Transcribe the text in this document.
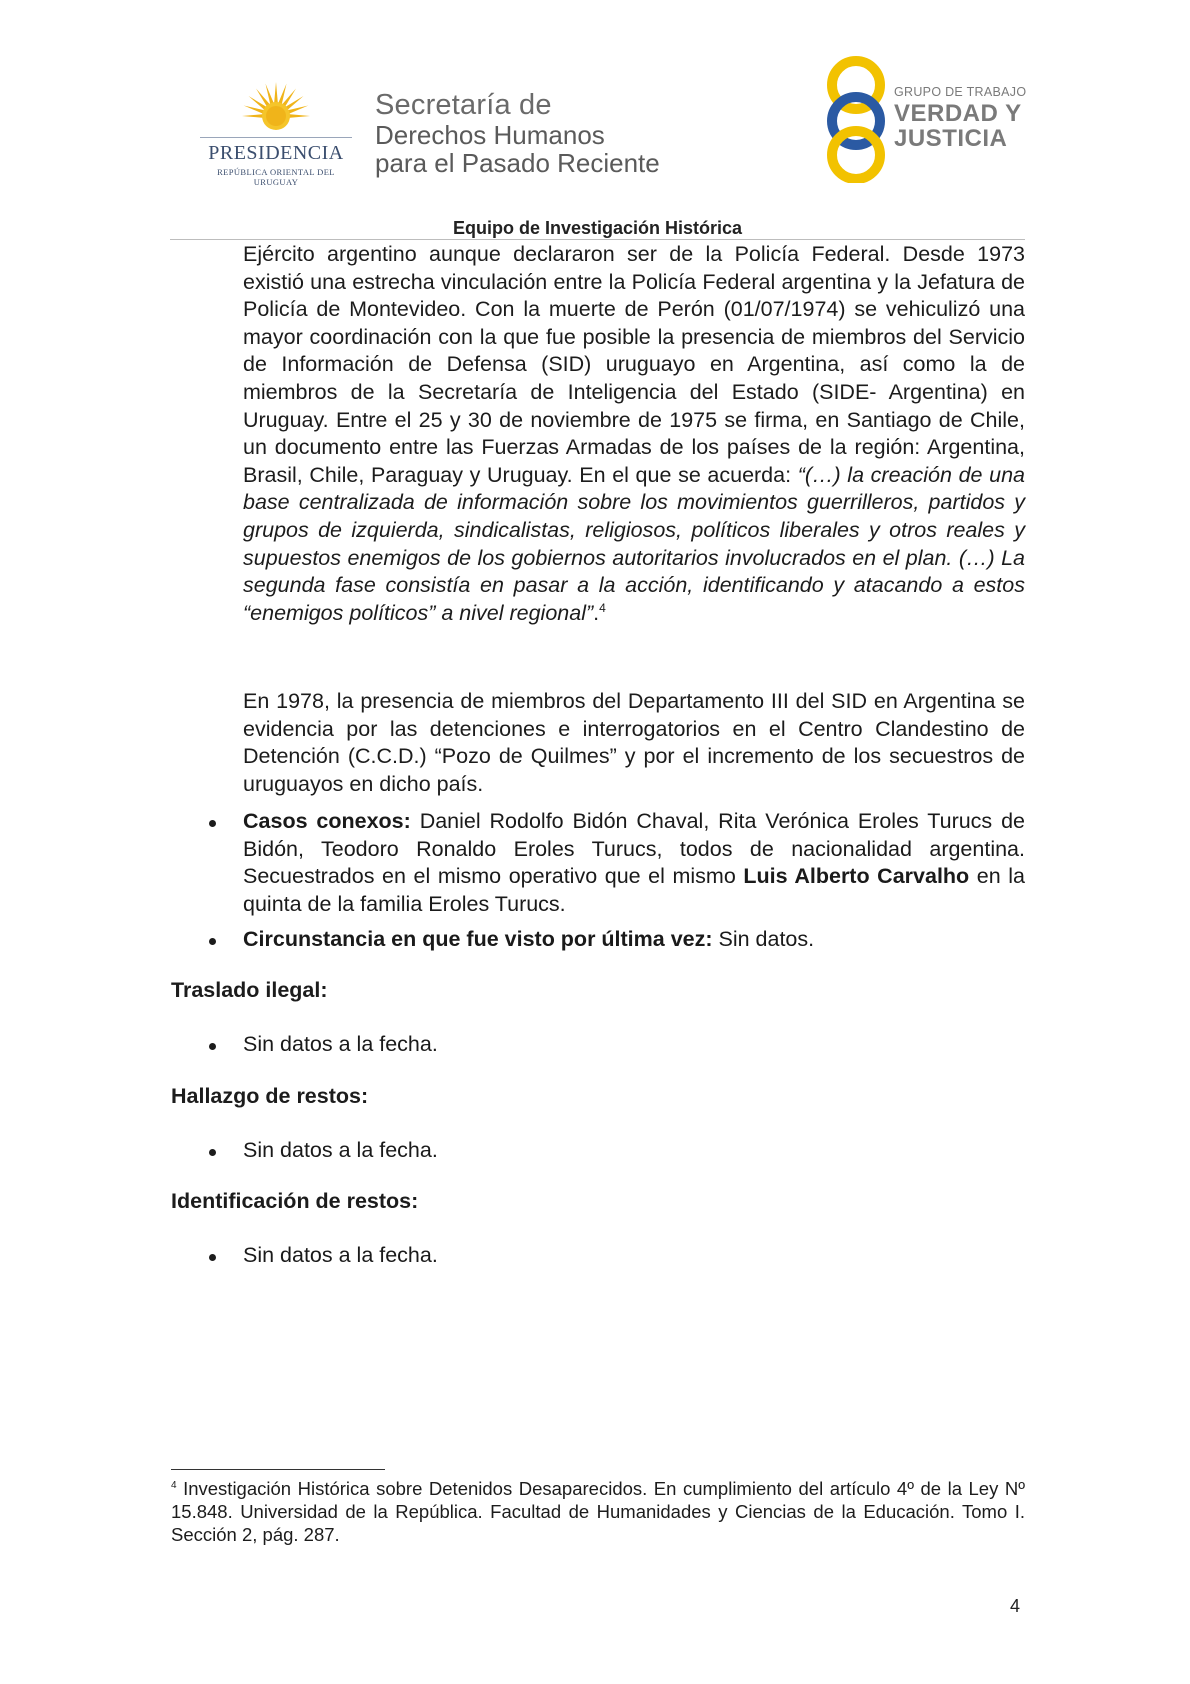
PRESIDENCIA
REPÚBLICA ORIENTAL DEL URUGUAY
Secretaría de
Derechos Humanos
para el Pasado Reciente
GRUPO DE TRABAJO
VERDAD Y
JUSTICIA
Equipo de Investigación Histórica
Ejército argentino aunque declararon ser de la Policía Federal. Desde 1973 existió una estrecha vinculación entre la Policía Federal argentina y la Jefatura de Policía de Montevideo. Con la muerte de Perón (01/07/1974) se vehiculizó una mayor coordinación con la que fue posible la presencia de miembros del Servicio de Información de Defensa (SID) uruguayo en Argentina, así como la de miembros de la Secretaría de Inteligencia del Estado (SIDE- Argentina) en Uruguay. Entre el 25 y 30 de noviembre de 1975 se firma, en Santiago de Chile, un documento entre las Fuerzas Armadas de los países de la región: Argentina, Brasil, Chile, Paraguay y Uruguay. En el que se acuerda: “(…) la creación de una base centralizada de información sobre los movimientos guerrilleros, partidos y grupos de izquierda, sindicalistas, religiosos, políticos liberales y otros reales y supuestos enemigos de los gobiernos autoritarios involucrados en el plan. (…) La segunda fase consistía en pasar a la acción, identificando y atacando a estos “enemigos políticos” a nivel regional”.$^4$
En 1978, la presencia de miembros del Departamento III del SID en Argentina se evidencia por las detenciones e interrogatorios en el Centro Clandestino de Detención (C.C.D.) “Pozo de Quilmes” y por el incremento de los secuestros de uruguayos en dicho país.
Casos conexos: Daniel Rodolfo Bidón Chaval, Rita Verónica Eroles Turucs de Bidón, Teodoro Ronaldo Eroles Turucs, todos de nacionalidad argentina. Secuestrados en el mismo operativo que el mismo Luis Alberto Carvalho en la quinta de la familia Eroles Turucs.
Circunstancia en que fue visto por última vez: Sin datos.
Sin datos a la fecha.
Sin datos a la fecha.
Sin datos a la fecha.
Traslado ilegal:
Hallazgo de restos:
Identificación de restos:
$^4$ Investigación Histórica sobre Detenidos Desaparecidos. En cumplimiento del artículo 4º de la Ley Nº 15.848. Universidad de la República. Facultad de Humanidades y Ciencias de la Educación. Tomo I. Sección 2, pág. 287.
4
